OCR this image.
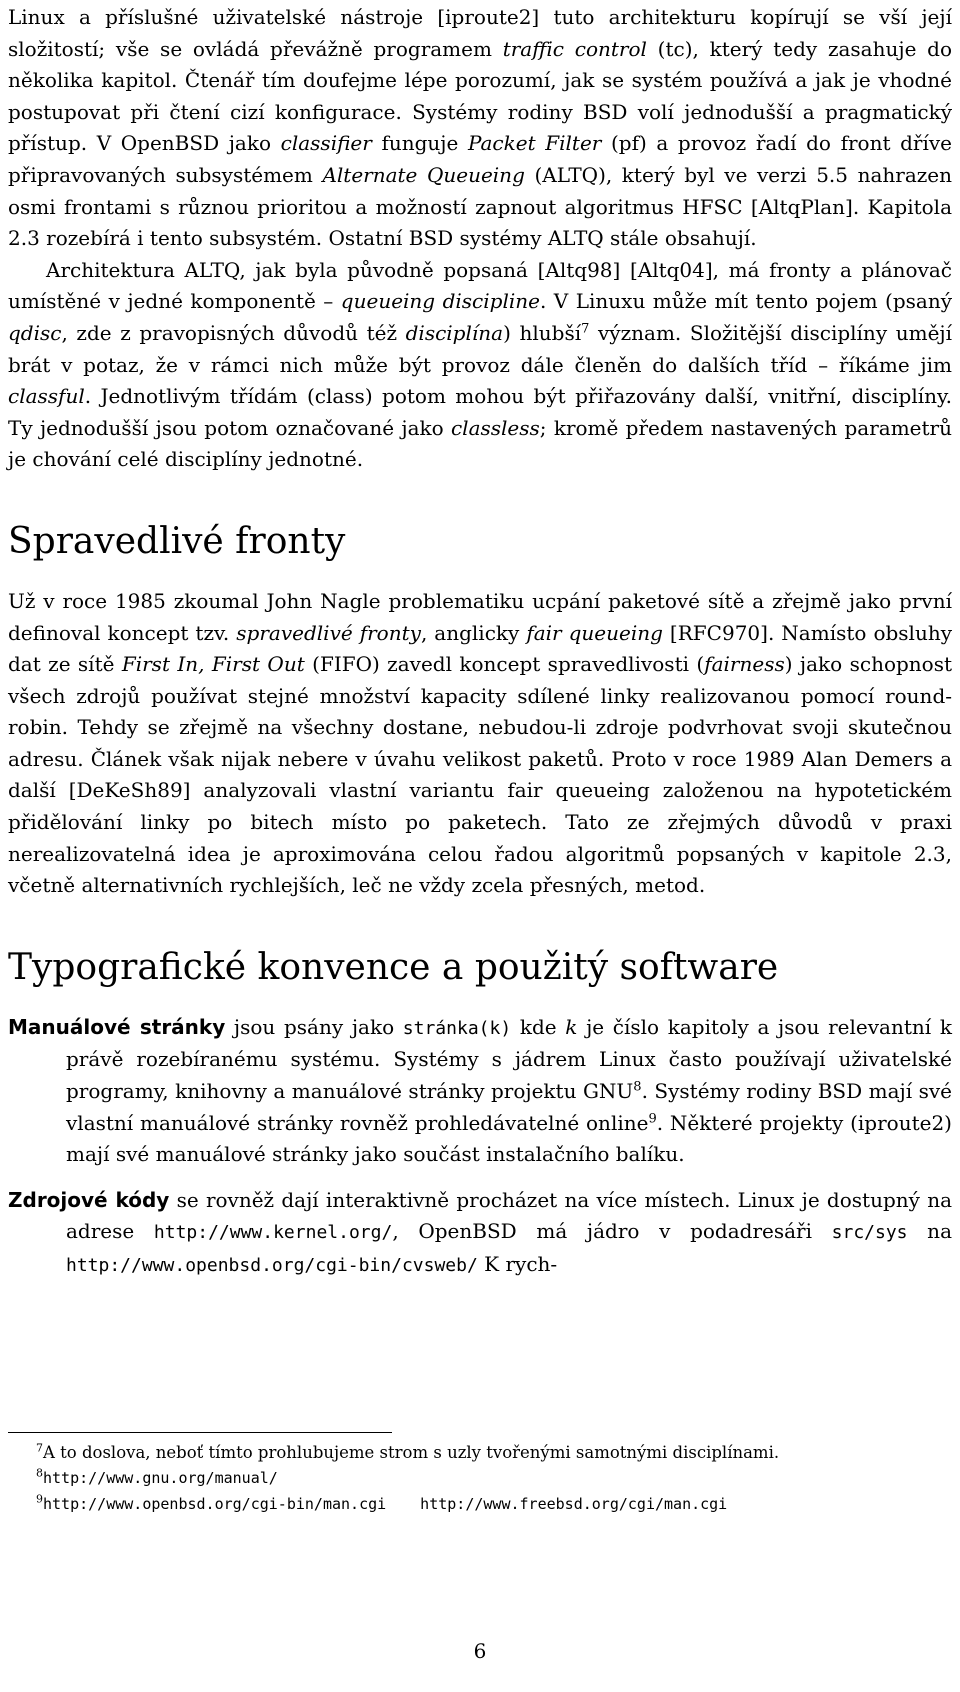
Linux a příslušné uživatelské nástroje [iproute2] tuto architekturu kopírují se vší její složitostí; vše se ovládá převážně programem traffic control (tc), který tedy zasahuje do několika kapitol. Čtenář tím doufejme lépe porozumí, jak se systém používá a jak je vhodné postupovat při čtení cizí konfigurace. Systémy rodiny BSD volí jednodušší a pragmatický přístup. V OpenBSD jako classifier funguje Packet Filter (pf) a provoz řadí do front dříve připravovaných subsystémem Alternate Queueing (ALTQ), který byl ve verzi 5.5 nahrazen osmi frontami s různou prioritou a možností zapnout algoritmus HFSC [AltqPlan]. Kapitola 2.3 rozebírá i tento subsystém. Ostatní BSD systémy ALTQ stále obsahují.

Architektura ALTQ, jak byla původně popsaná [Altq98] [Altq04], má fronty a plánovač umístěné v jedné komponentě – queueing discipline. V Linuxu může mít tento pojem (psaný qdisc, zde z pravopisných důvodů též disciplína) hlubší$^7$ význam. Složitější disciplíny umějí brát v potaz, že v rámci nich může být provoz dále členěn do dalších tříd – říkáme jim classful. Jednotlivým třídám (class) potom mohou být přiřazovány další, vnitřní, disciplíny. Ty jednodušší jsou potom označované jako classless; kromě předem nastavených parametrů je chování celé disciplíny jednotné.

Spravedlivé fronty

Už v roce 1985 zkoumal John Nagle problematiku ucpání paketové sítě a zřejmě jako první definoval koncept tzv. spravedlivé fronty, anglicky fair queueing [RFC970]. Namísto obsluhy dat ze sítě First In, First Out (FIFO) zavedl koncept spravedlivosti (fairness) jako schopnost všech zdrojů používat stejné množství kapacity sdílené linky realizovanou pomocí round-robin. Tehdy se zřejmě na všechny dostane, nebudou-li zdroje podvrhovat svoji skutečnou adresu. Článek však nijak nebere v úvahu velikost paketů. Proto v roce 1989 Alan Demers a další [DeKeSh89] analyzovali vlastní variantu fair queueing založenou na hypotetickém přidělování linky po bitech místo po paketech. Tato ze zřejmých důvodů v praxi nerealizovatelná idea je aproximována celou řadou algoritmů popsaných v kapitole 2.3, včetně alternativních rychlejších, leč ne vždy zcela přesných, metod.

Typografické konvence a použitý software
Manuálové stránky jsou psány jako stránka(k) kde k je číslo kapitoly a jsou relevantní k právě rozebíranému systému. Systémy s jádrem Linux často používají uživatelské programy, knihovny a manuálové stránky projektu GNU$^8$. Systémy rodiny BSD mají své vlastní manuálové stránky rovněž prohledávatelné online$^9$. Některé projekty (iproute2) mají své manuálové stránky jako součást instalačního balíku.
Zdrojové kódy se rovněž dají interaktivně procházet na více místech. Linux je dostupný na adrese http://www.kernel.org/, OpenBSD má jádro v podadresáři src/sys na http://www.openbsd.org/cgi-bin/cvsweb/ K rych-
$^7$A to doslova, neboť tímto prohlubujeme strom s uzly tvořenými samotnými disciplínami.
$^8$http://www.gnu.org/manual/
$^9$http://www.openbsd.org/cgi-bin/man.cgi http://www.freebsd.org/cgi/man.cgi
6
